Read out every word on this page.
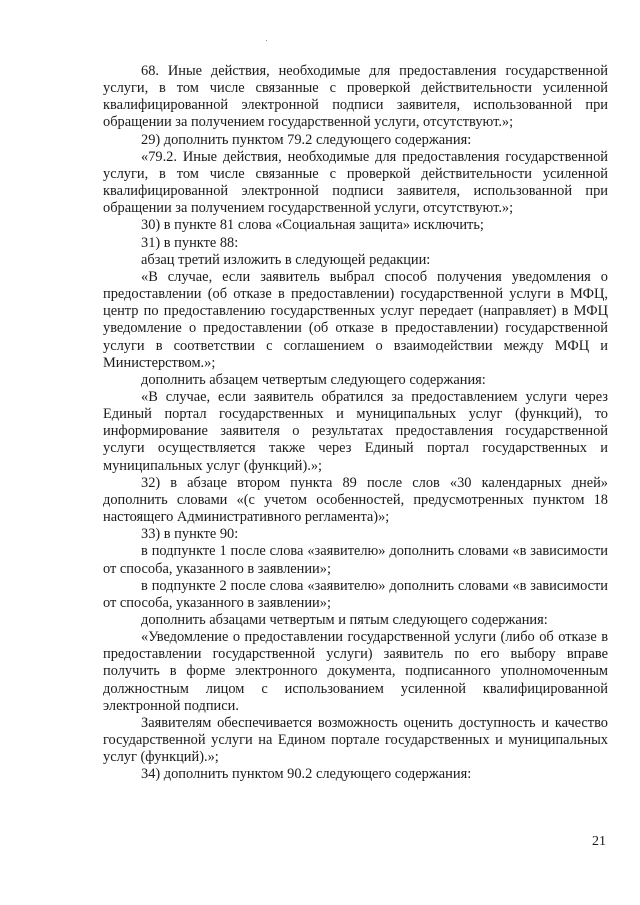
68. Иные действия, необходимые для предоставления государственной услуги, в том числе связанные с проверкой действительности усиленной квалифицированной электронной подписи заявителя, использованной при обращении за получением государственной услуги, отсутствуют.»;

29) дополнить пунктом 79.2 следующего содержания:

«79.2. Иные действия, необходимые для предоставления государственной услуги, в том числе связанные с проверкой действительности усиленной квалифицированной электронной подписи заявителя, использованной при обращении за получением государственной услуги, отсутствуют.»;

30) в пункте 81 слова «Социальная защита» исключить;

31) в пункте 88:

абзац третий изложить в следующей редакции:

«В случае, если заявитель выбрал способ получения уведомления о предоставлении (об отказе в предоставлении) государственной услуги в МФЦ, центр по предоставлению государственных услуг передает (направляет) в МФЦ уведомление о предоставлении (об отказе в предоставлении) государственной услуги в соответствии с соглашением о взаимодействии между МФЦ и Министерством.»;

дополнить абзацем четвертым следующего содержания:

«В случае, если заявитель обратился за предоставлением услуги через Единый портал государственных и муниципальных услуг (функций), то информирование заявителя о результатах предоставления государственной услуги осуществляется также через Единый портал государственных и муниципальных услуг (функций).»;

32) в абзаце втором пункта 89 после слов «30 календарных дней» дополнить словами «(с учетом особенностей, предусмотренных пунктом 18 настоящего Административного регламента)»;

33) в пункте 90:

в подпункте 1 после слова «заявителю» дополнить словами «в зависимости от способа, указанного в заявлении»;

в подпункте 2 после слова «заявителю» дополнить словами «в зависимости от способа, указанного в заявлении»;

дополнить абзацами четвертым и пятым следующего содержания:

«Уведомление о предоставлении государственной услуги (либо об отказе в предоставлении государственной услуги) заявитель по его выбору вправе получить в форме электронного документа, подписанного уполномоченным должностным лицом с использованием усиленной квалифицированной электронной подписи.

Заявителям обеспечивается возможность оценить доступность и качество государственной услуги на Едином портале государственных и муниципальных услуг (функций).»;

34) дополнить пунктом 90.2 следующего содержания:

21
